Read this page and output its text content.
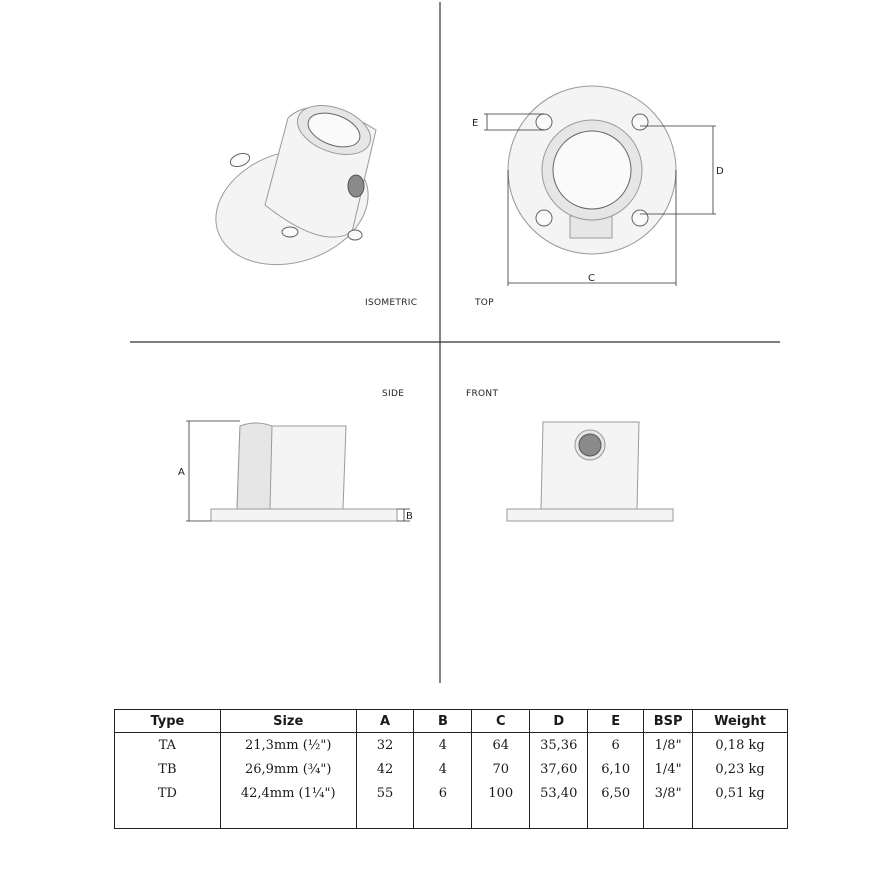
ISOMETRIC	TOP
SIDE	FRONT
E
D
C
A
B
Type	Size	A	B	C	D	E	BSP	Weight
TA	21,3mm (½")	32	4	64	35,36	6	1/8"	0,18 kg
TB	26,9mm (¾")	42	4	70	37,60	6,10	1/4"	0,23 kg
TD	42,4mm (1¼")	55	6	100	53,40	6,50	3/8"	0,51 kg
